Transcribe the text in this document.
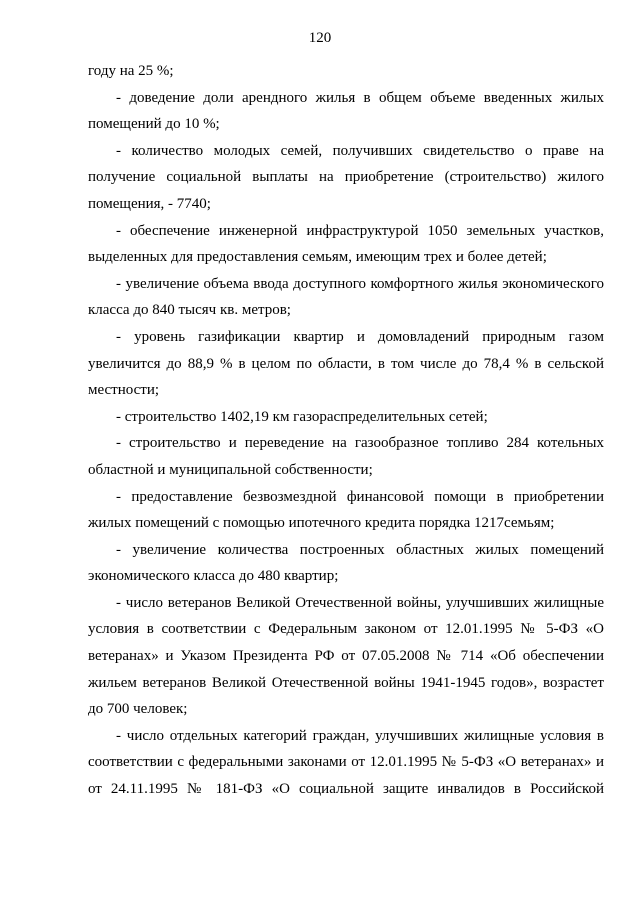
120

году на 25 %;

- доведение доли арендного жилья в общем объеме введенных жилых помещений до 10 %;

- количество молодых семей, получивших свидетельство о праве на получение социальной выплаты на приобретение (строительство) жилого помещения, - 7740;

- обеспечение инженерной инфраструктурой 1050 земельных участков, выделенных для предоставления семьям, имеющим трех и более детей;

- увеличение объема ввода доступного комфортного жилья экономического класса до 840 тысяч кв. метров;

- уровень газификации квартир и домовладений природным газом увеличится до 88,9 % в целом по области, в том числе до 78,4 % в сельской местности;

- строительство 1402,19 км газораспределительных сетей;

- строительство и переведение на газообразное топливо 284 котельных областной и муниципальной собственности;

- предоставление безвозмездной финансовой помощи в приобретении жилых помещений с помощью ипотечного кредита порядка 1217семьям;

- увеличение количества построенных областных жилых помещений экономического класса до 480 квартир;

- число ветеранов Великой Отечественной войны, улучшивших жилищные условия в соответствии с Федеральным законом от 12.01.1995 № 5-ФЗ «О ветеранах» и Указом Президента РФ от 07.05.2008 № 714 «Об обеспечении жильем ветеранов Великой Отечественной войны 1941-1945 годов», возрастет до 700 человек;

- число отдельных категорий граждан, улучшивших жилищные условия в соответствии с федеральными законами от 12.01.1995 № 5-ФЗ «О ветеранах» и от 24.11.1995 № 181-ФЗ «О социальной защите инвалидов в Российской
